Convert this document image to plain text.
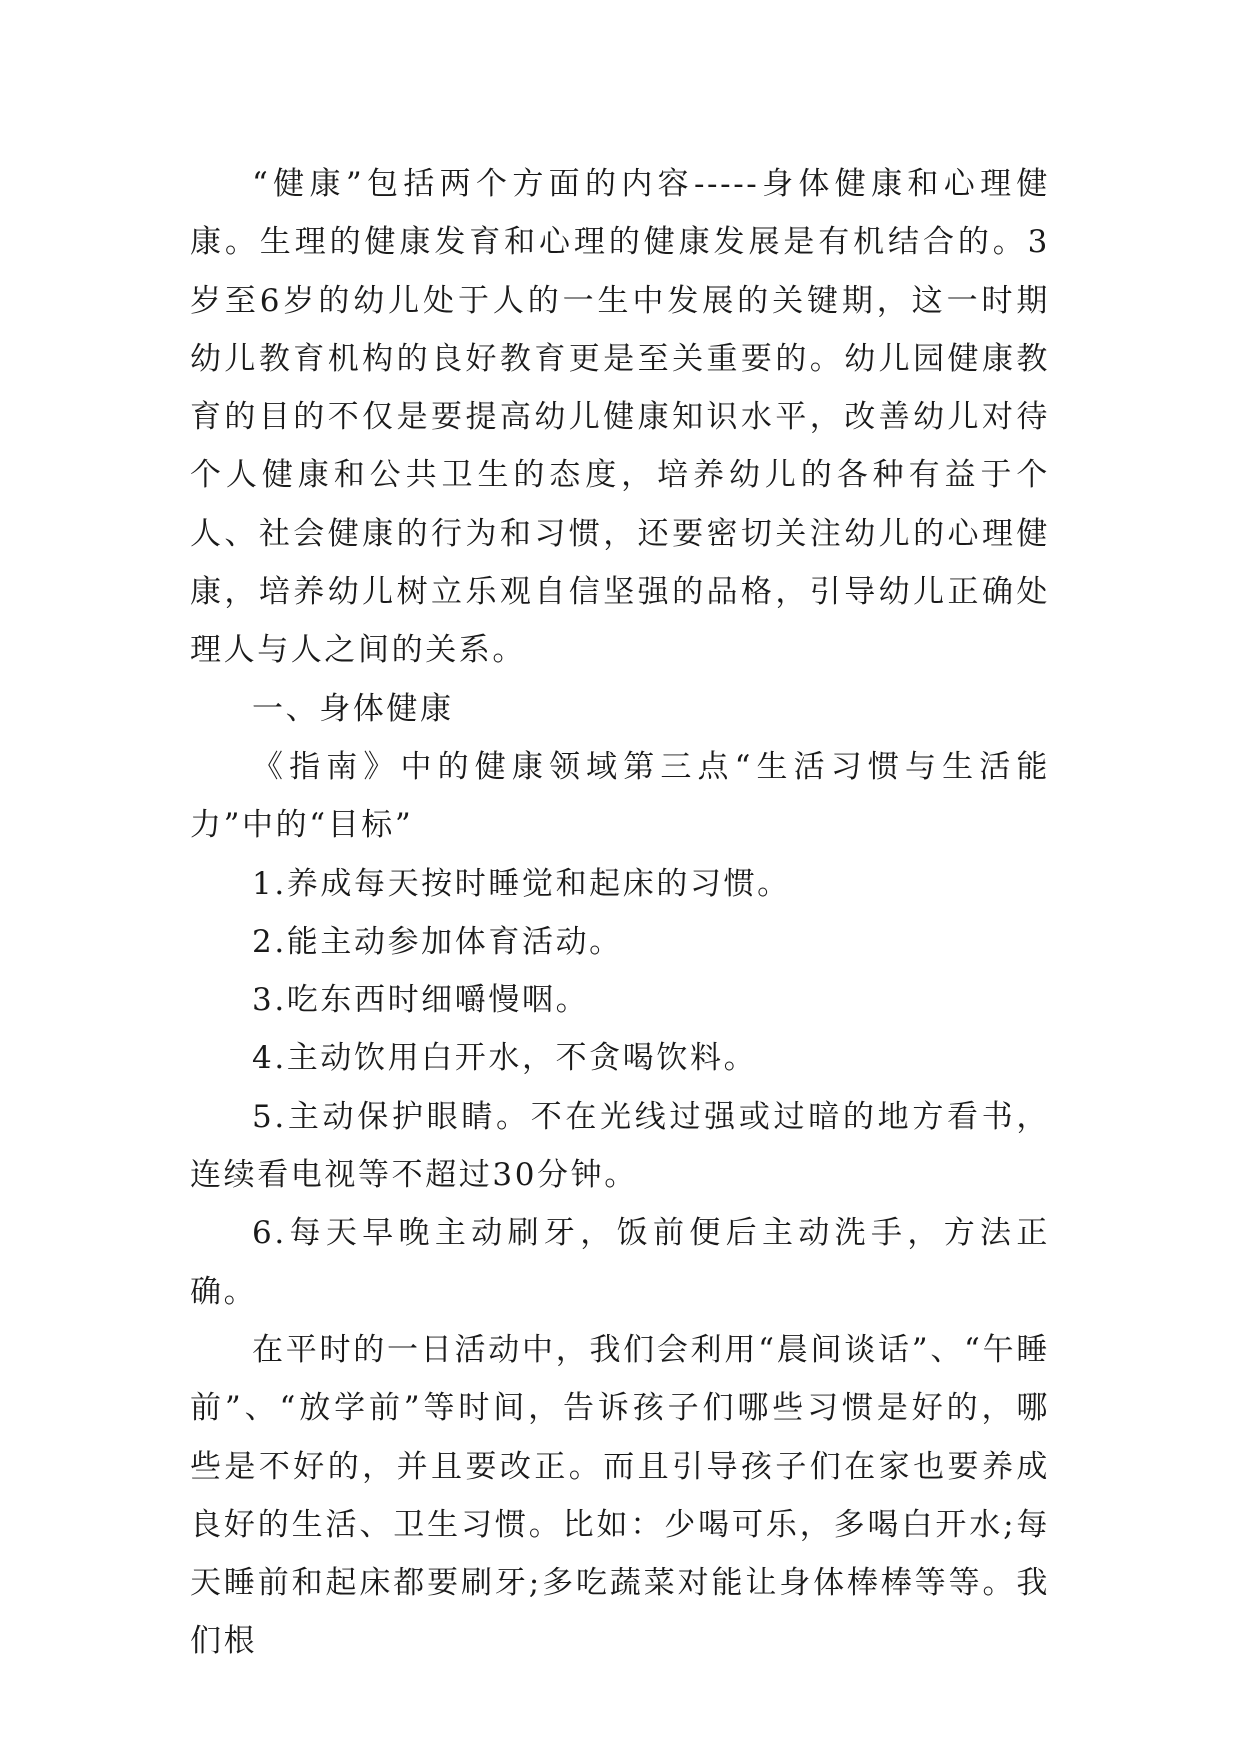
“健康”包括两个方面的内容-----身体健康和心理健康。生理的健康发育和心理的健康发展是有机结合的。3岁至6岁的幼儿处于人的一生中发展的关键期，这一时期幼儿教育机构的良好教育更是至关重要的。幼儿园健康教育的目的不仅是要提高幼儿健康知识水平，改善幼儿对待个人健康和公共卫生的态度，培养幼儿的各种有益于个人、社会健康的行为和习惯，还要密切关注幼儿的心理健康，培养幼儿树立乐观自信坚强的品格，引导幼儿正确处理人与人之间的关系。

一、身体健康

《指南》中的健康领域第三点“生活习惯与生活能力”中的“目标”

1.养成每天按时睡觉和起床的习惯。

2.能主动参加体育活动。

3.吃东西时细嚼慢咽。

4.主动饮用白开水，不贪喝饮料。

5.主动保护眼睛。不在光线过强或过暗的地方看书，连续看电视等不超过30分钟。

6.每天早晚主动刷牙，饭前便后主动洗手，方法正确。

在平时的一日活动中，我们会利用“晨间谈话”、“午睡前”、“放学前”等时间，告诉孩子们哪些习惯是好的，哪些是不好的，并且要改正。而且引导孩子们在家也要养成良好的生活、卫生习惯。比如：少喝可乐，多喝白开水;每天睡前和起床都要刷牙;多吃蔬菜对能让身体棒棒等等。我们根
